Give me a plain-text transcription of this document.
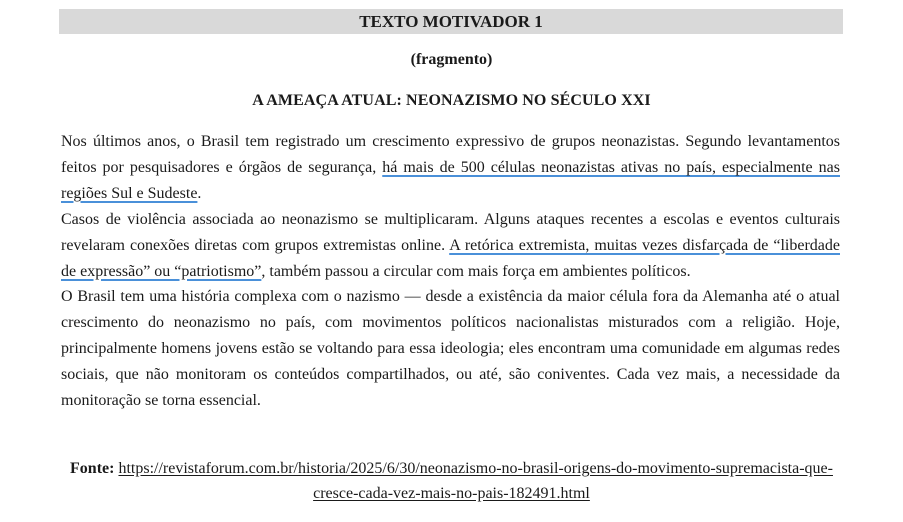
TEXTO MOTIVADOR 1
(fragmento)
A AMEAÇA ATUAL: NEONAZISMO NO SÉCULO XXI

Nos últimos anos, o Brasil tem registrado um crescimento expressivo de grupos neonazistas. Segundo levantamentos feitos por pesquisadores e órgãos de segurança, há mais de 500 células neonazistas ativas no país, especialmente nas regiões Sul e Sudeste.

Casos de violência associada ao neonazismo se multiplicaram. Alguns ataques recentes a escolas e eventos culturais revelaram conexões diretas com grupos extremistas online. A retórica extremista, muitas vezes disfarçada de “liberdade de expressão” ou “patriotismo”, também passou a circular com mais força em ambientes políticos.

O Brasil tem uma história complexa com o nazismo — desde a existência da maior célula fora da Alemanha até o atual crescimento do neonazismo no país, com movimentos políticos nacionalistas misturados com a religião. Hoje, principalmente homens jovens estão se voltando para essa ideologia; eles encontram uma comunidade em algumas redes sociais, que não monitoram os conteúdos compartilhados, ou até, são coniventes. Cada vez mais, a necessidade da monitoração se torna essencial.

Fonte: https://revistaforum.com.br/historia/2025/6/30/neonazismo-no-brasil-origens-do-movimento-supremacista-que-cresce-cada-vez-mais-no-pais-182491.html
